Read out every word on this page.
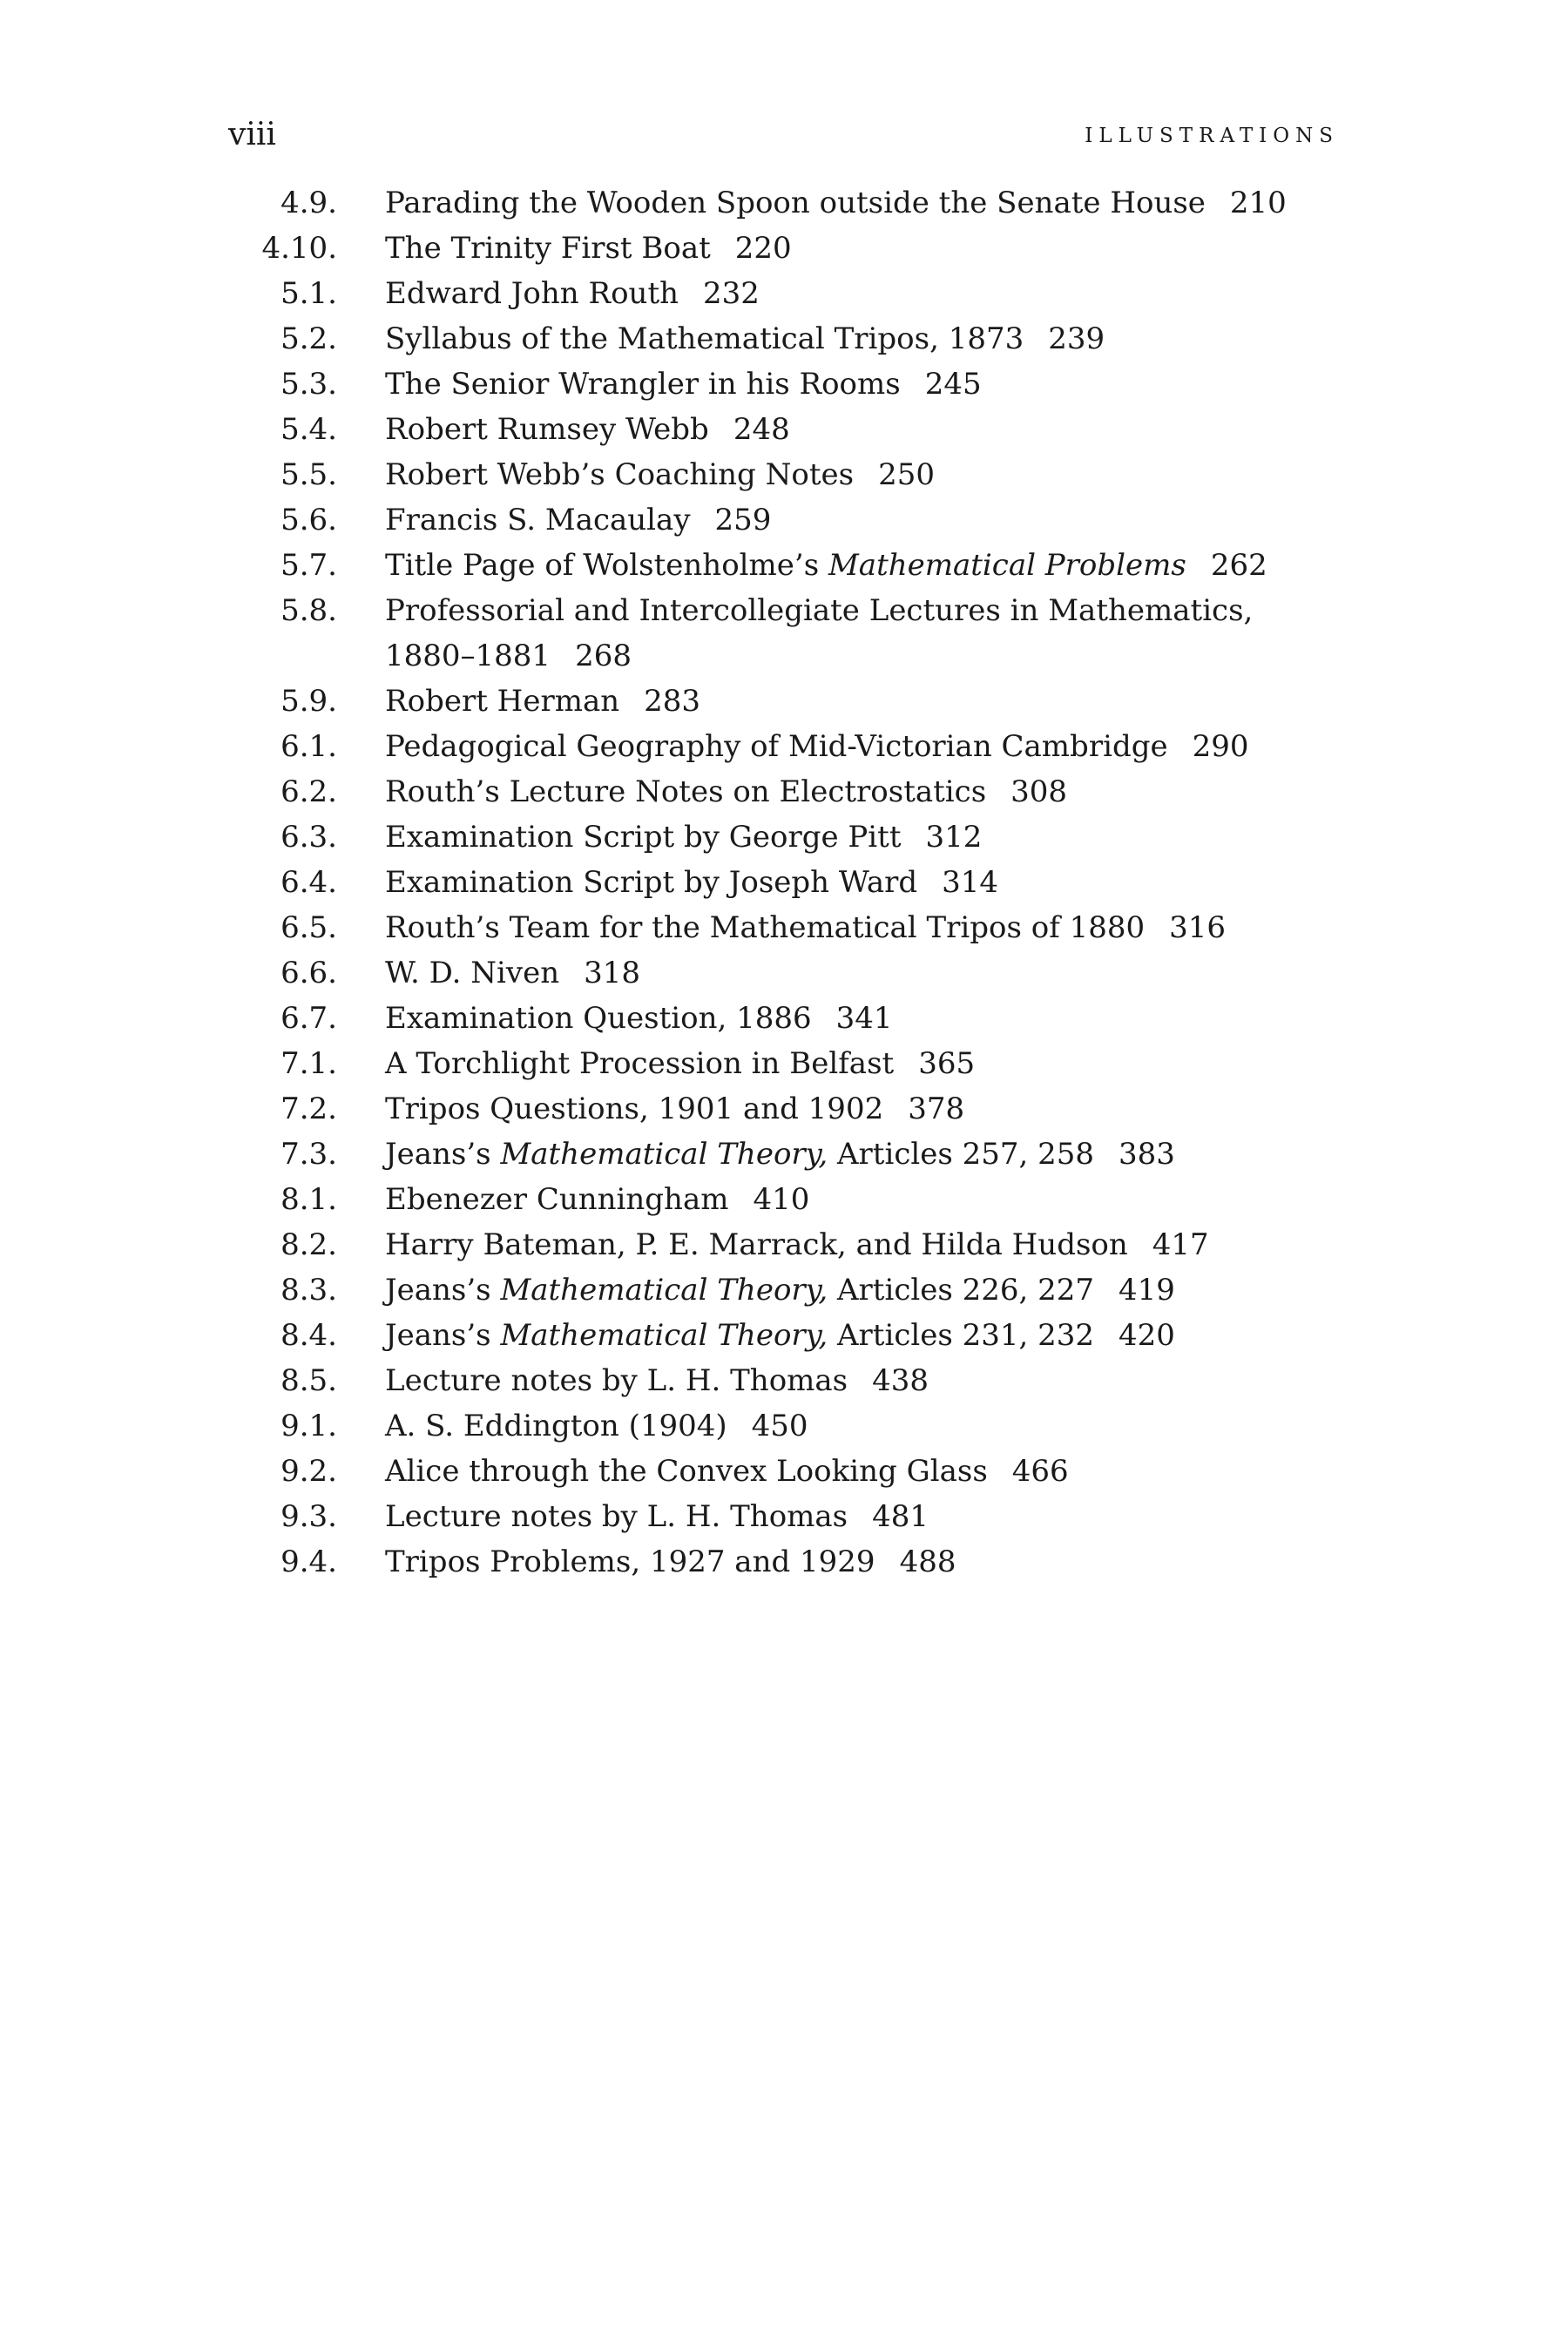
viii	ILLUSTRATIONS
4.9. Parading the Wooden Spoon outside the Senate House 210
4.10. The Trinity First Boat 220
5.1. Edward John Routh 232
5.2. Syllabus of the Mathematical Tripos, 1873 239
5.3. The Senior Wrangler in his Rooms 245
5.4. Robert Rumsey Webb 248
5.5. Robert Webb’s Coaching Notes 250
5.6. Francis S. Macaulay 259
5.7. Title Page of Wolstenholme’s Mathematical Problems 262
5.8. Professorial and Intercollegiate Lectures in Mathematics, 1880–1881 268
5.9. Robert Herman 283
6.1. Pedagogical Geography of Mid-Victorian Cambridge 290
6.2. Routh’s Lecture Notes on Electrostatics 308
6.3. Examination Script by George Pitt 312
6.4. Examination Script by Joseph Ward 314
6.5. Routh’s Team for the Mathematical Tripos of 1880 316
6.6. W. D. Niven 318
6.7. Examination Question, 1886 341
7.1. A Torchlight Procession in Belfast 365
7.2. Tripos Questions, 1901 and 1902 378
7.3. Jeans’s Mathematical Theory, Articles 257, 258 383
8.1. Ebenezer Cunningham 410
8.2. Harry Bateman, P. E. Marrack, and Hilda Hudson 417
8.3. Jeans’s Mathematical Theory, Articles 226, 227 419
8.4. Jeans’s Mathematical Theory, Articles 231, 232 420
8.5. Lecture notes by L. H. Thomas 438
9.1. A. S. Eddington (1904) 450
9.2. Alice through the Convex Looking Glass 466
9.3. Lecture notes by L. H. Thomas 481
9.4. Tripos Problems, 1927 and 1929 488
